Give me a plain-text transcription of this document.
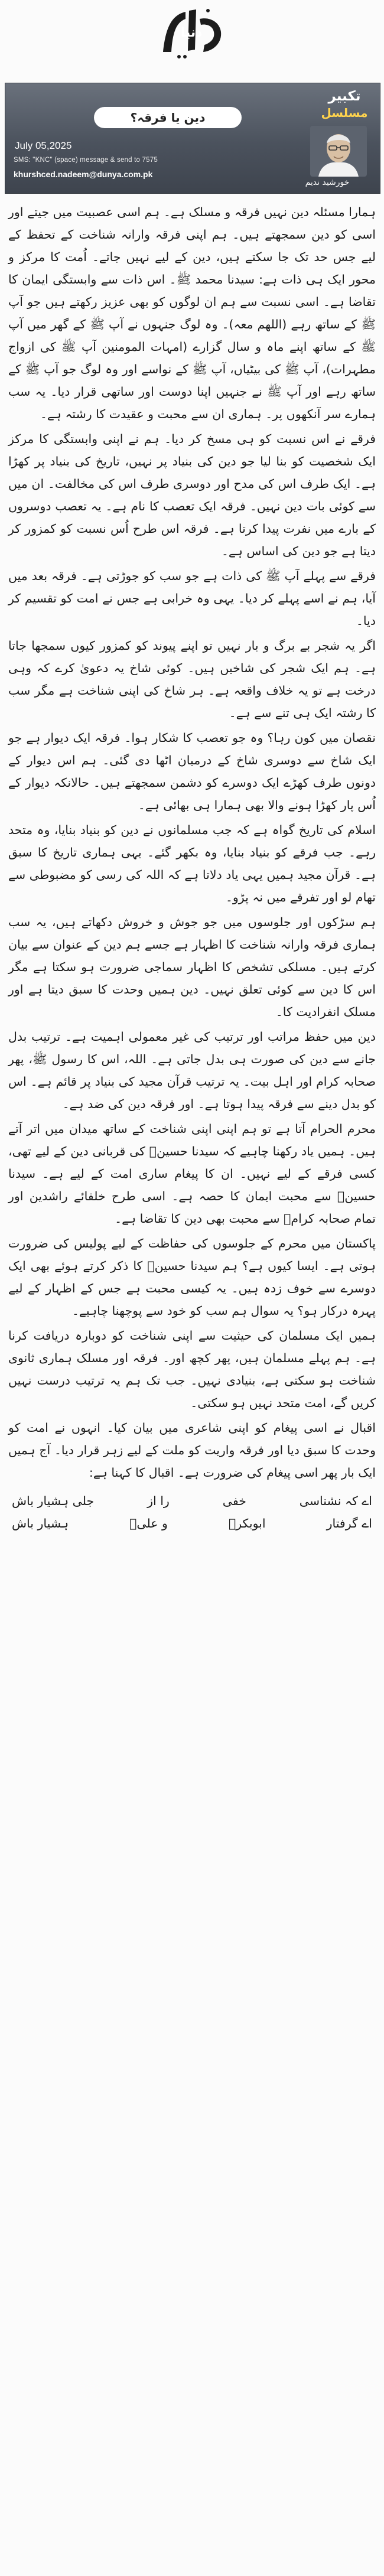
دنیا
دین یا فرقہ؟
July 05,2025
SMS: "KNC" (space) message & send to 7575
khurshced.nadeem@dunya.com.pk
تکبیر
مسلسل
خورشید ندیم

ہمارا مسئلہ دین نہیں فرقہ و مسلک ہے۔ ہم اسی عصبیت میں جیتے اور اسی کو دین سمجھتے ہیں۔ ہم اپنی فرقہ وارانہ شناخت کے تحفظ کے لیے جس حد تک جا سکتے ہیں، دین کے لیے نہیں جاتے۔ اُمت کا مرکز و محور ایک ہی ذات ہے: سیدنا محمد ﷺ۔ اس ذات سے وابستگی ایمان کا تقاضا ہے۔ اسی نسبت سے ہم ان لوگوں کو بھی عزیز رکھتے ہیں جو آپ ﷺ کے ساتھ رہے (اللھم معہ)۔ وہ لوگ جنہوں نے آپ ﷺ کے گھر میں آپ ﷺ کے ساتھ اپنے ماہ و سال گزارے (امہات المومنین آپ ﷺ کی ازواج مطہرات)، آپ ﷺ کی بیٹیاں، آپ ﷺ کے نواسے اور وہ لوگ جو آپ ﷺ کے ساتھ رہے اور آپ ﷺ نے جنہیں اپنا دوست اور ساتھی قرار دیا۔ یہ سب ہمارے سر آنکھوں پر۔ ہماری ان سے محبت و عقیدت کا رشتہ ہے۔

فرقے نے اس نسبت کو ہی مسخ کر دیا۔ ہم نے اپنی وابستگی کا مرکز ایک شخصیت کو بنا لیا جو دین کی بنیاد پر نہیں، تاریخ کی بنیاد پر کھڑا ہے۔ ایک طرف اس کی مدح اور دوسری طرف اس کی مخالفت۔ ان میں سے کوئی بات دین نہیں۔ فرقہ ایک تعصب کا نام ہے۔ یہ تعصب دوسروں کے بارے میں نفرت پیدا کرتا ہے۔ فرقہ اس طرح اُس نسبت کو کمزور کر دیتا ہے جو دین کی اساس ہے۔

فرقے سے پہلے آپ ﷺ کی ذات ہے جو سب کو جوڑتی ہے۔ فرقہ بعد میں آیا، ہم نے اسے پہلے کر دیا۔ یہی وہ خرابی ہے جس نے امت کو تقسیم کر دیا۔

اگر یہ شجر بے برگ و بار نہیں تو اپنے پیوند کو کمزور کیوں سمجھا جاتا ہے۔ ہم ایک شجر کی شاخیں ہیں۔ کوئی شاخ یہ دعویٰ کرے کہ وہی درخت ہے تو یہ خلاف واقعہ ہے۔ ہر شاخ کی اپنی شناخت ہے مگر سب کا رشتہ ایک ہی تنے سے ہے۔

نقصان میں کون رہا؟ وہ جو تعصب کا شکار ہوا۔ فرقہ ایک دیوار ہے جو ایک شاخ سے دوسری شاخ کے درمیان اٹھا دی گئی۔ ہم اس دیوار کے دونوں طرف کھڑے ایک دوسرے کو دشمن سمجھتے ہیں۔ حالانکہ دیوار کے اُس پار کھڑا ہونے والا بھی ہمارا ہی بھائی ہے۔

اسلام کی تاریخ گواہ ہے کہ جب مسلمانوں نے دین کو بنیاد بنایا، وہ متحد رہے۔ جب فرقے کو بنیاد بنایا، وہ بکھر گئے۔ یہی ہماری تاریخ کا سبق ہے۔ قرآن مجید ہمیں یہی یاد دلاتا ہے کہ اللہ کی رسی کو مضبوطی سے تھام لو اور تفرقے میں نہ پڑو۔

ہم سڑکوں اور جلوسوں میں جو جوش و خروش دکھاتے ہیں، یہ سب ہماری فرقہ وارانہ شناخت کا اظہار ہے جسے ہم دین کے عنوان سے بیان کرتے ہیں۔ مسلکی تشخص کا اظہار سماجی ضرورت ہو سکتا ہے مگر اس کا دین سے کوئی تعلق نہیں۔ دین ہمیں وحدت کا سبق دیتا ہے اور مسلک انفرادیت کا۔

دین میں حفظ مراتب اور ترتیب کی غیر معمولی اہمیت ہے۔ ترتیب بدل جانے سے دین کی صورت ہی بدل جاتی ہے۔ اللہ، اس کا رسول ﷺ، پھر صحابہ کرام اور اہل بیت۔ یہ ترتیب قرآن مجید کی بنیاد پر قائم ہے۔ اس کو بدل دینے سے فرقہ پیدا ہوتا ہے۔ اور فرقہ دین کی ضد ہے۔

محرم الحرام آتا ہے تو ہم اپنی اپنی شناخت کے ساتھ میدان میں اتر آتے ہیں۔ ہمیں یاد رکھنا چاہیے کہ سیدنا حسینؓ کی قربانی دین کے لیے تھی، کسی فرقے کے لیے نہیں۔ ان کا پیغام ساری امت کے لیے ہے۔ سیدنا حسینؓ سے محبت ایمان کا حصہ ہے۔ اسی طرح خلفائے راشدین اور تمام صحابہ کرامؓ سے محبت بھی دین کا تقاضا ہے۔

پاکستان میں محرم کے جلوسوں کی حفاظت کے لیے پولیس کی ضرورت ہوتی ہے۔ ایسا کیوں ہے؟ ہم سیدنا حسینؓ کا ذکر کرتے ہوئے بھی ایک دوسرے سے خوف زدہ ہیں۔ یہ کیسی محبت ہے جس کے اظہار کے لیے پہرہ درکار ہو؟ یہ سوال ہم سب کو خود سے پوچھنا چاہیے۔

ہمیں ایک مسلمان کی حیثیت سے اپنی شناخت کو دوبارہ دریافت کرنا ہے۔ ہم پہلے مسلمان ہیں، پھر کچھ اور۔ فرقہ اور مسلک ہماری ثانوی شناخت ہو سکتی ہے، بنیادی نہیں۔ جب تک ہم یہ ترتیب درست نہیں کریں گے، امت متحد نہیں ہو سکتی۔

اقبال نے اسی پیغام کو اپنی شاعری میں بیان کیا۔ انہوں نے امت کو وحدت کا سبق دیا اور فرقہ واریت کو ملت کے لیے زہر قرار دیا۔ آج ہمیں ایک بار پھر اسی پیغام کی ضرورت ہے۔ اقبال کا کہنا ہے:

اے کہ نشناسی
خفی
را از
جلی ہشیار باش
اے گرفتار
ابوبکرؓ
و علیؓ
ہشیار باش
